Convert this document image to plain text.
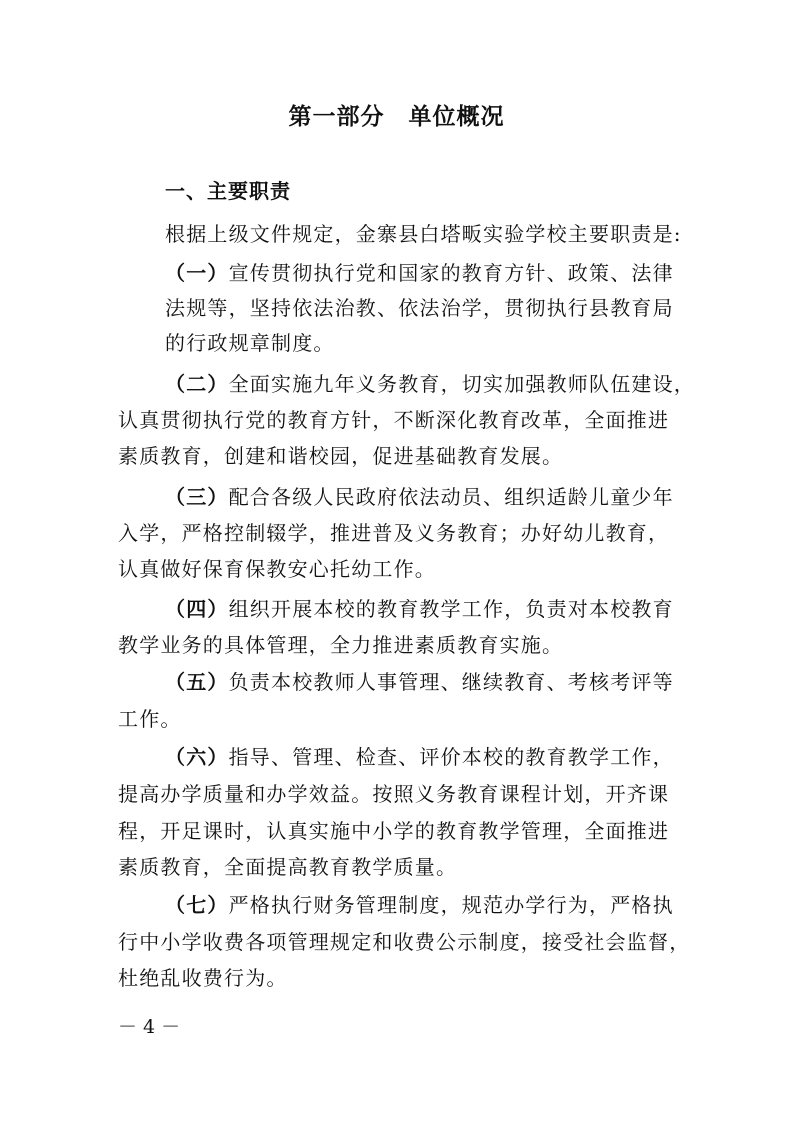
第一部分　单位概况
一、主要职责
根据上级文件规定，金寨县白塔畈实验学校主要职责是:
（一）宣传贯彻执行党和国家的教育方针、政策、法律
法规等，坚持依法治教、依法治学，贯彻执行县教育局
的行政规章制度。
（二）全面实施九年义务教育，切实加强教师队伍建设，
认真贯彻执行党的教育方针，不断深化教育改革，全面推进
素质教育，创建和谐校园，促进基础教育发展。
（三）配合各级人民政府依法动员、组织适龄儿童少年
入学，严格控制辍学，推进普及义务教育；办好幼儿教育，
认真做好保育保教安心托幼工作。
（四）组织开展本校的教育教学工作，负责对本校教育
教学业务的具体管理，全力推进素质教育实施。
（五）负责本校教师人事管理、继续教育、考核考评等
工作。
（六）指导、管理、检查、评价本校的教育教学工作，
提高办学质量和办学效益。按照义务教育课程计划，开齐课
程，开足课时，认真实施中小学的教育教学管理，全面推进
素质教育，全面提高教育教学质量。
（七）严格执行财务管理制度，规范办学行为，严格执
行中小学收费各项管理规定和收费公示制度，接受社会监督，
杜绝乱收费行为。
－ 4 －
